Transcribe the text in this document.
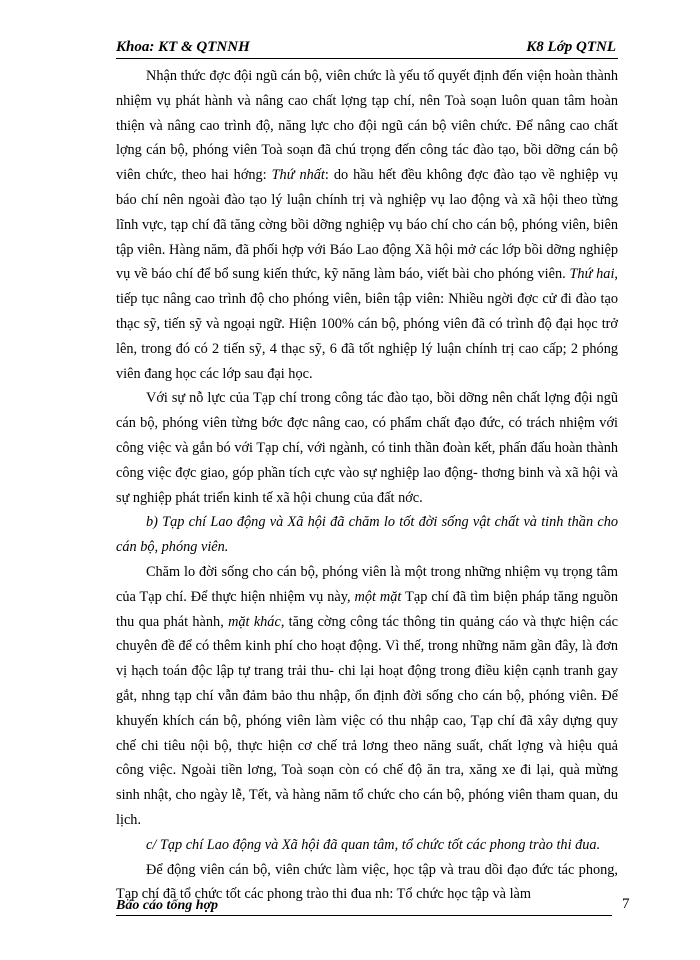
Khoa: KT & QTNNH	K8 Lớp QTNL

Nhận thức đợc đội ngũ cán bộ, viên chức là yếu tố quyết định đến viện hoàn thành nhiệm vụ phát hành và nâng cao chất lợng tạp chí, nên Toà soạn luôn quan tâm hoàn thiện và nâng cao trình độ, năng lực cho đội ngũ cán bộ viên chức. Để nâng cao chất lợng cán bộ, phóng viên Toà soạn đã chú trọng đến công tác đào tạo, bồi dỡng cán bộ viên chức, theo hai hớng: Thứ nhất: do hầu hết đều không đợc đào tạo về nghiệp vụ báo chí nên ngoài đào tạo lý luận chính trị và nghiệp vụ lao động và xã hội theo từng lĩnh vực, tạp chí đã tăng cờng bồi dỡng nghiệp vụ báo chí cho cán bộ, phóng viên, biên tập viên. Hàng năm, đã phối hợp với Báo Lao động Xã hội mở các lớp bồi dỡng nghiệp vụ về báo chí để bổ sung kiến thức, kỹ năng làm báo, viết bài cho phóng viên. Thứ hai, tiếp tục nâng cao trình độ cho phóng viên, biên tập viên: Nhiều ngời đợc cử đi đào tạo thạc sỹ, tiến sỹ và ngoại ngữ. Hiện 100% cán bộ, phóng viên đã có trình độ đại học trở lên, trong đó có 2 tiến sỹ, 4 thạc sỹ, 6 đã tốt nghiệp lý luận chính trị cao cấp; 2 phóng viên đang học các lớp sau đại học.

Với sự nỗ lực của Tạp chí trong công tác đào tạo, bồi dỡng nên chất lợng đội ngũ cán bộ, phóng viên từng bớc đợc nâng cao, có phẩm chất đạo đức, có trách nhiệm với công việc và gắn bó với Tạp chí, với ngành, có tinh thần đoàn kết, phấn đấu hoàn thành công việc đợc giao, góp phần tích cực vào sự nghiệp lao động- thơng binh và xã hội và sự nghiệp phát triển kinh tế xã hội chung của đất nớc.

b) Tạp chí Lao động và Xã hội đã chăm lo tốt đời sống vật chất và tinh thần cho cán bộ, phóng viên.

Chăm lo đời sống cho cán bộ, phóng viên là một trong những nhiệm vụ trọng tâm của Tạp chí. Để thực hiện nhiệm vụ này, một mặt Tạp chí đã tìm biện pháp tăng nguồn thu qua phát hành, mặt khác, tăng cờng công tác thông tin quảng cáo và thực hiện các chuyên đề để có thêm kinh phí cho hoạt động. Vì thế, trong những năm gần đây, là đơn vị hạch toán độc lập tự trang trải thu- chi lại hoạt động trong điều kiện cạnh tranh gay gắt, nhng tạp chí vẫn đảm bảo thu nhập, ổn định đời sống cho cán bộ, phóng viên. Để khuyến khích cán bộ, phóng viên làm việc có thu nhập cao, Tạp chí đã xây dựng quy chế chi tiêu nội bộ, thực hiện cơ chế trả lơng theo năng suất, chất lợng và hiệu quả công việc. Ngoài tiền lơng, Toà soạn còn có chế độ ăn tra, xăng xe đi lại, quà mừng sinh nhật, cho ngày lễ, Tết, và hàng năm tổ chức cho cán bộ, phóng viên tham quan, du lịch.

c/ Tạp chí Lao động và Xã hội đã quan tâm, tổ chức tốt các phong trào thi đua.

Để động viên cán bộ, viên chức làm việc, học tập và trau dồi đạo đức tác phong, Tạp chí đã tổ chức tốt các phong trào thi đua nh: Tổ chức học tập và làm

Báo cáo tổng hợp	7
